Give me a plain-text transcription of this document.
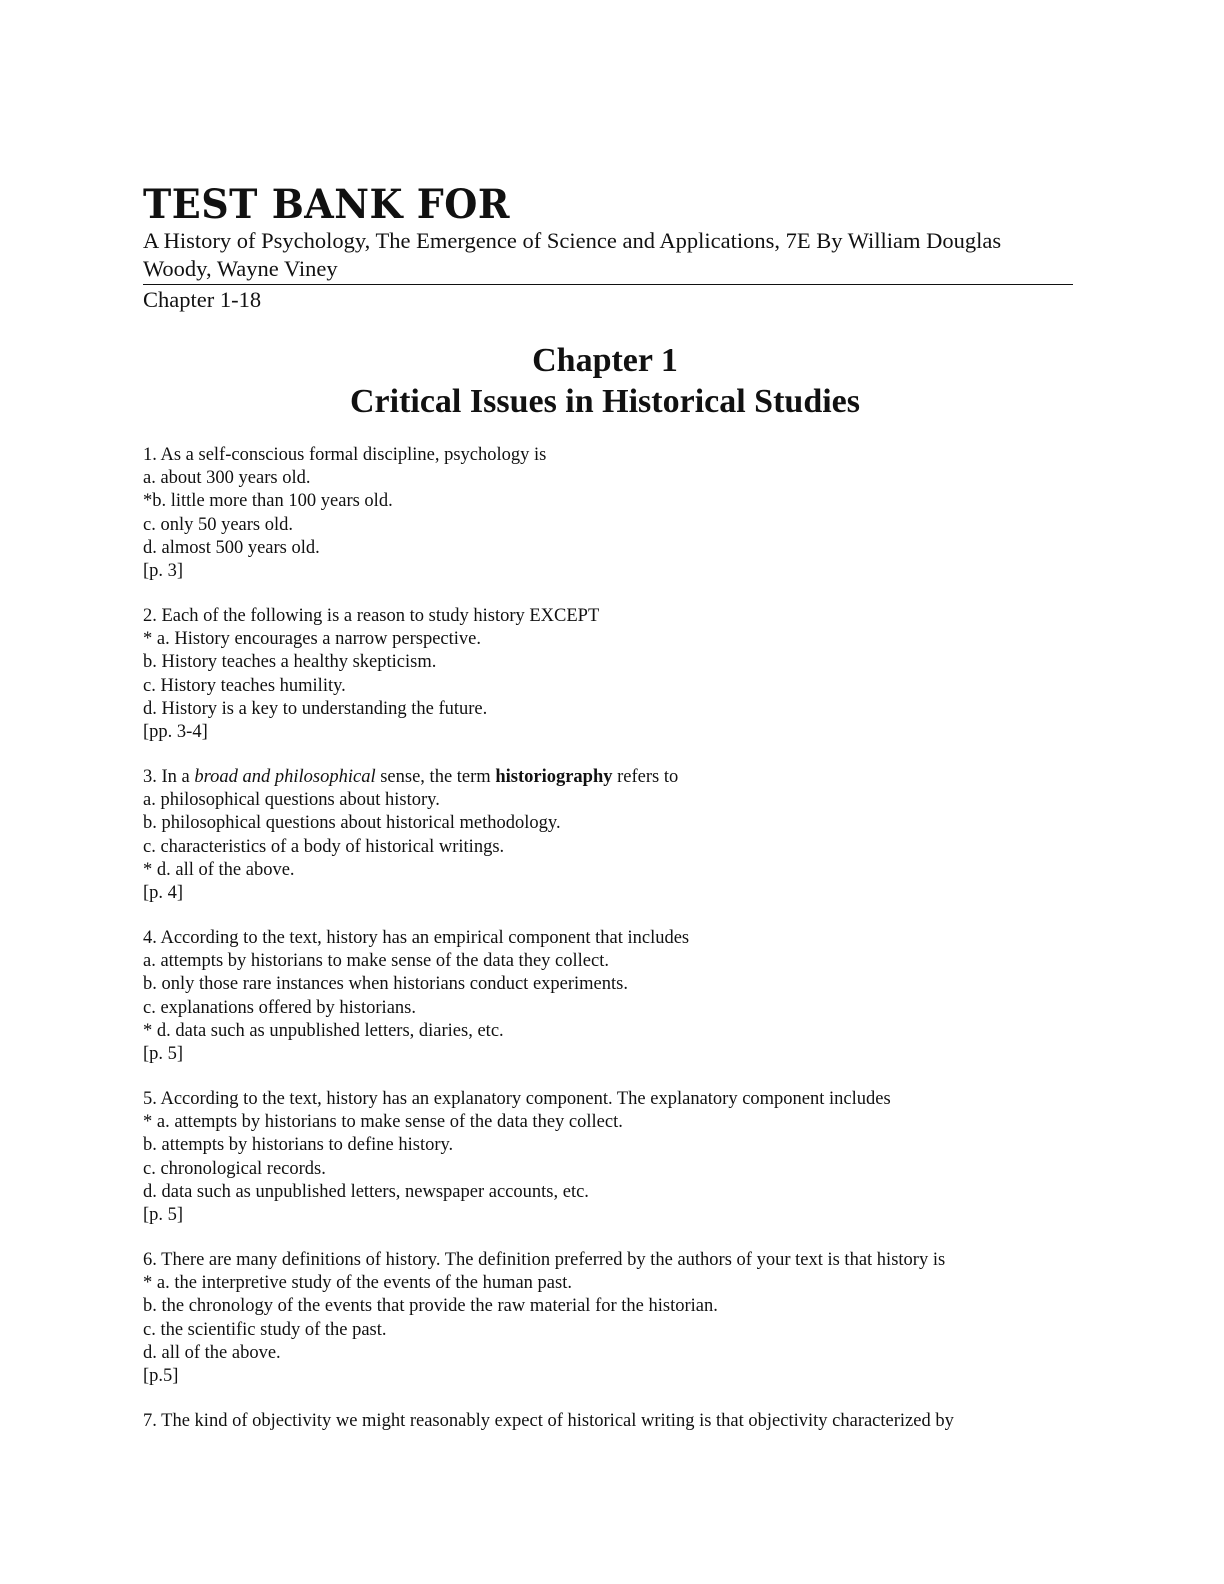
TEST BANK FOR
A History of Psychology, The Emergence of Science and Applications, 7E By William Douglas
Woody, Wayne Viney
Chapter 1-18
Chapter 1
Critical Issues in Historical Studies
1. As a self-conscious formal discipline, psychology is
a. about 300 years old.
*b. little more than 100 years old.
c. only 50 years old.
d. almost 500 years old.
[p. 3]
2. Each of the following is a reason to study history EXCEPT
* a. History encourages a narrow perspective.
b. History teaches a healthy skepticism.
c. History teaches humility.
d. History is a key to understanding the future.
[pp. 3-4]
3. In a broad and philosophical sense, the term historiography refers to
a. philosophical questions about history.
b. philosophical questions about historical methodology.
c. characteristics of a body of historical writings.
* d. all of the above.
[p. 4]
4. According to the text, history has an empirical component that includes
a. attempts by historians to make sense of the data they collect.
b. only those rare instances when historians conduct experiments.
c. explanations offered by historians.
* d. data such as unpublished letters, diaries, etc.
[p. 5]
5. According to the text, history has an explanatory component. The explanatory component includes
* a. attempts by historians to make sense of the data they collect.
b. attempts by historians to define history.
c. chronological records.
d. data such as unpublished letters, newspaper accounts, etc.
[p. 5]
6. There are many definitions of history. The definition preferred by the authors of your text is that history is
* a. the interpretive study of the events of the human past.
b. the chronology of the events that provide the raw material for the historian.
c. the scientific study of the past.
d. all of the above.
[p.5]
7. The kind of objectivity we might reasonably expect of historical writing is that objectivity characterized by
